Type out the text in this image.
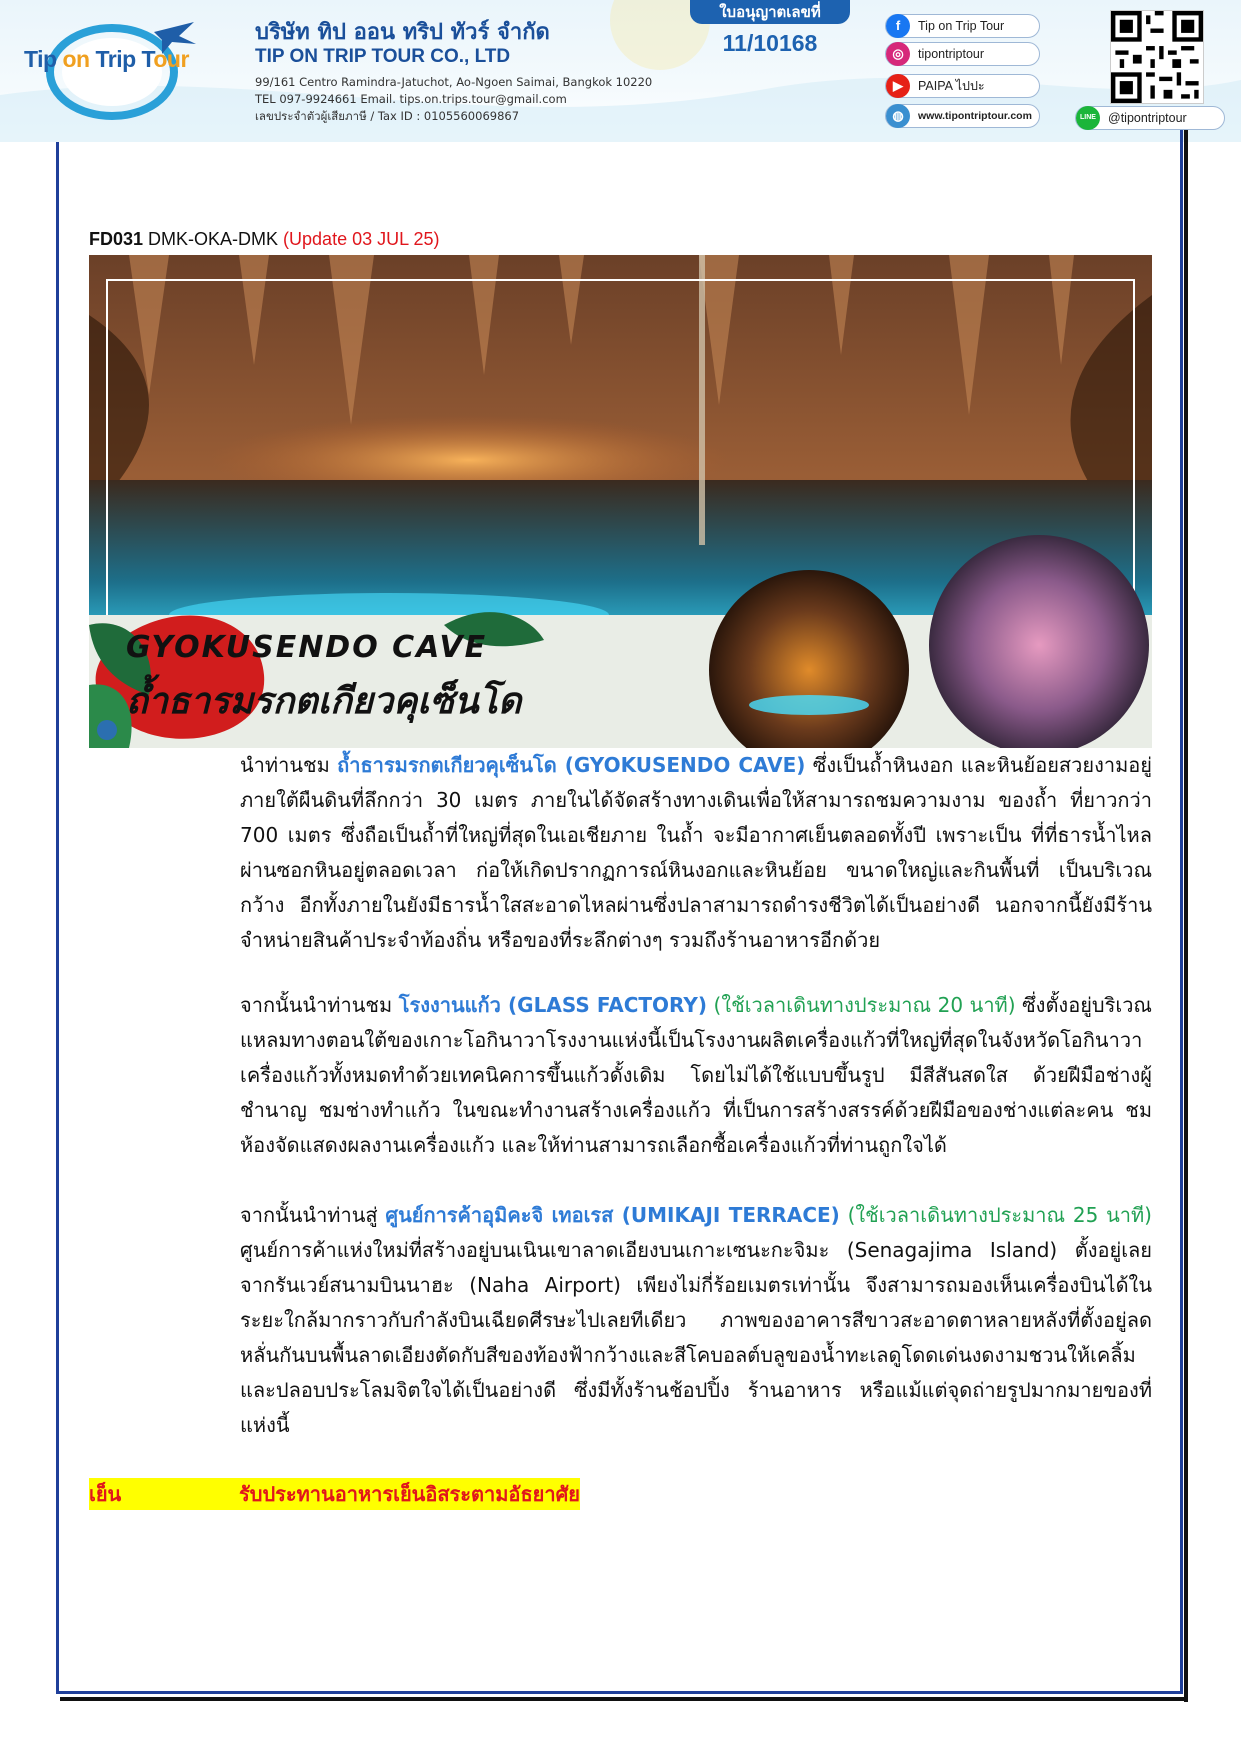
Tip on Trip Tour
บริษัท ทิป ออน ทริป ทัวร์ จำกัด
TIP ON TRIP TOUR CO., LTD
99/161 Centro Ramindra-Jatuchot, Ao-Ngoen Saimai, Bangkok 10220
TEL 097-9924661 Email. tips.on.trips.tour@gmail.com
เลขประจำตัวผู้เสียภาษี / Tax ID : 0105560069867
ใบอนุญาตเลขที่
11/10168
f	Tip on Trip Tour
◎	tipontriptour
▶	PAIPA ไปปะ
◍	www.tipontriptour.com	LINE @tipontriptour
FD031 DMK-OKA-DMK (Update 03 JUL 25)
GYOKUSENDO CAVE
ถ้ำธารมรกตเกียวคุเซ็นโด
นำท่านชม ถ้ำธารมรกตเกียวคุเซ็นโด (GYOKUSENDO CAVE) ซึ่งเป็นถ้ำหินงอก และหินย้อยสวยงามอยู่ภายใต้ผืนดินที่ลึกกว่า 30 เมตร ภายในได้จัดสร้างทางเดินเพื่อให้สามารถชมความงาม ของถ้ำ ที่ยาวกว่า 700 เมตร ซึ่งถือเป็นถ้ำที่ใหญ่ที่สุดในเอเชียภาย ในถ้ำ จะมีอากาศเย็นตลอดทั้งปี เพราะเป็น ที่ที่ธารน้ำไหลผ่านซอกหินอยู่ตลอดเวลา ก่อให้เกิดปรากฏการณ์หินงอกและหินย้อย ขนาดใหญ่และกินพื้นที่ เป็นบริเวณกว้าง อีกทั้งภายในยังมีธารน้ำใสสะอาดไหลผ่านซึ่งปลาสามารถดำรงชีวิตได้เป็นอย่างดี นอกจากนี้ยังมีร้านจำหน่ายสินค้าประจำท้องถิ่น หรือของที่ระลึกต่างๆ รวมถึงร้านอาหารอีกด้วย
จากนั้นนำท่านชม โรงงานแก้ว (GLASS FACTORY) (ใช้เวลาเดินทางประมาณ 20 นาที) ซึ่งตั้งอยู่บริเวณแหลมทางตอนใต้ของเกาะโอกินาวาโรงงานแห่งนี้เป็นโรงงานผลิตเครื่องแก้วที่ใหญ่ที่สุดในจังหวัดโอกินาวา เครื่องแก้วทั้งหมดทำด้วยเทคนิคการขึ้นแก้วดั้งเดิม โดยไม่ได้ใช้แบบขึ้นรูป มีสีสันสดใส ด้วยฝีมือช่างผู้ชำนาญ ชมช่างทำแก้ว ในขณะทำงานสร้างเครื่องแก้ว ที่เป็นการสร้างสรรค์ด้วยฝีมือของช่างแต่ละคน ชมห้องจัดแสดงผลงานเครื่องแก้ว และให้ท่านสามารถเลือกซื้อเครื่องแก้วที่ท่านถูกใจได้
จากนั้นนำท่านสู่ ศูนย์การค้าอุมิคะจิ เทอเรส (UMIKAJI TERRACE) (ใช้เวลาเดินทางประมาณ 25 นาที) ศูนย์การค้าแห่งใหม่ที่สร้างอยู่บนเนินเขาลาดเอียงบนเกาะเซนะกะจิมะ (Senagajima Island) ตั้งอยู่เลยจากรันเวย์สนามบินนาฮะ (Naha Airport) เพียงไม่กี่ร้อยเมตรเท่านั้น จึงสามารถมองเห็นเครื่องบินได้ในระยะใกล้มากราวกับกำลังบินเฉียดศีรษะไปเลยทีเดียว ภาพของอาคารสีขาวสะอาดตาหลายหลังที่ตั้งอยู่ลดหลั่นกันบนพื้นลาดเอียงตัดกับสีของท้องฟ้ากว้างและสีโคบอลต์บลูของน้ำทะเลดูโดดเด่นงดงามชวนให้เคลิ้มและปลอบประโลมจิตใจได้เป็นอย่างดี ซึ่งมีทั้งร้านช้อปปิ้ง ร้านอาหาร หรือแม้แต่จุดถ่ายรูปมากมายของที่แห่งนี้
เย็น	รับประทานอาหารเย็นอิสระตามอัธยาศัย
